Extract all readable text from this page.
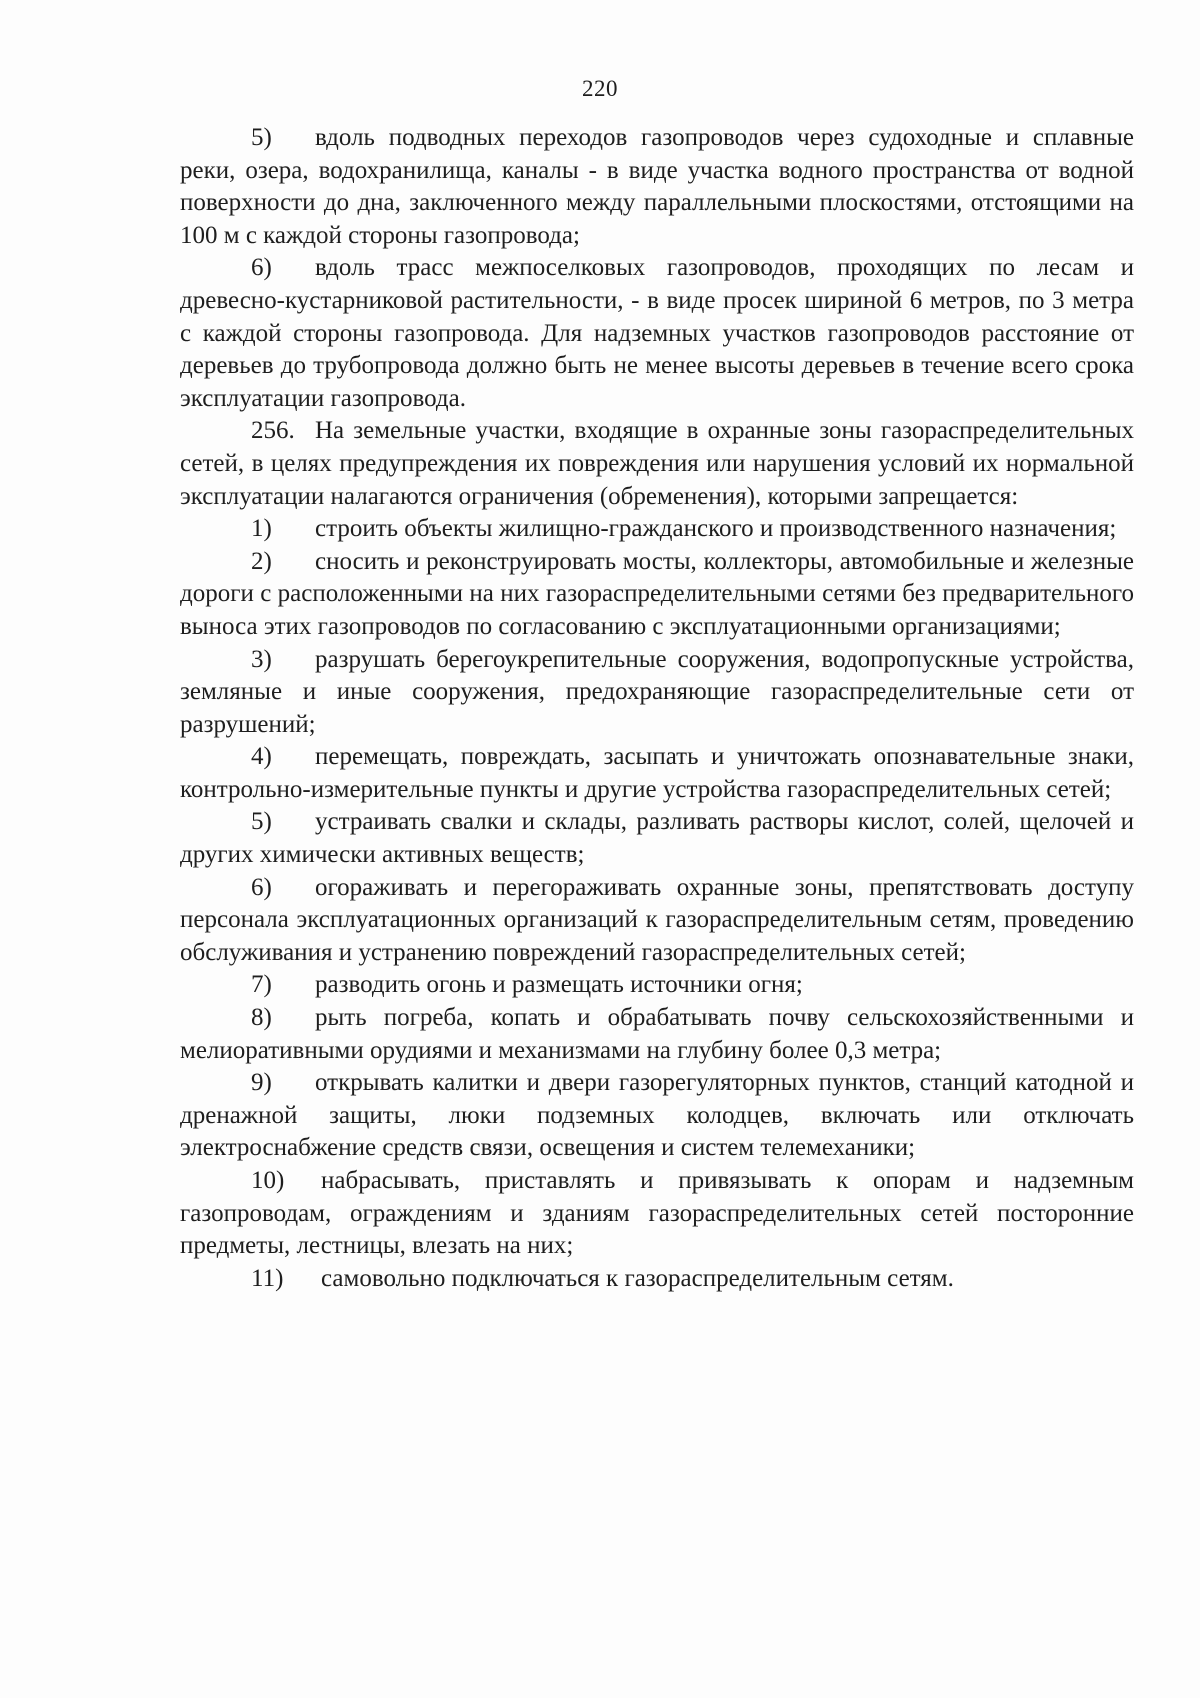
220

5) вдоль подводных переходов газопроводов через судоходные и сплавные реки, озера, водохранилища, каналы - в виде участка водного пространства от водной поверхности до дна, заключенного между параллельными плоскостями, отстоящими на 100 м с каждой стороны газопровода;

6) вдоль трасс межпоселковых газопроводов, проходящих по лесам и древесно-кустарниковой растительности, - в виде просек шириной 6 метров, по 3 метра с каждой стороны газопровода. Для надземных участков газопроводов расстояние от деревьев до трубопровода должно быть не менее высоты деревьев в течение всего срока эксплуатации газопровода.

256. На земельные участки, входящие в охранные зоны газораспределительных сетей, в целях предупреждения их повреждения или нарушения условий их нормальной эксплуатации налагаются ограничения (обременения), которыми запрещается:

1) строить объекты жилищно-гражданского и производственного назначения;

2) сносить и реконструировать мосты, коллекторы, автомобильные и железные дороги с расположенными на них газораспределительными сетями без предварительного выноса этих газопроводов по согласованию с эксплуатационными организациями;

3) разрушать берегоукрепительные сооружения, водопропускные устройства, земляные и иные сооружения, предохраняющие газораспределительные сети от разрушений;

4) перемещать, повреждать, засыпать и уничтожать опознавательные знаки, контрольно-измерительные пункты и другие устройства газораспределительных сетей;

5) устраивать свалки и склады, разливать растворы кислот, солей, щелочей и других химически активных веществ;

6) огораживать и перегораживать охранные зоны, препятствовать доступу персонала эксплуатационных организаций к газораспределительным сетям, проведению обслуживания и устранению повреждений газораспределительных сетей;

7) разводить огонь и размещать источники огня;

8) рыть погреба, копать и обрабатывать почву сельскохозяйственными и мелиоративными орудиями и механизмами на глубину более 0,3 метра;

9) открывать калитки и двери газорегуляторных пунктов, станций катодной и дренажной защиты, люки подземных колодцев, включать или отключать электроснабжение средств связи, освещения и систем телемеханики;

10) набрасывать, приставлять и привязывать к опорам и надземным газопроводам, ограждениям и зданиям газораспределительных сетей посторонние предметы, лестницы, влезать на них;

11) самовольно подключаться к газораспределительным сетям.
